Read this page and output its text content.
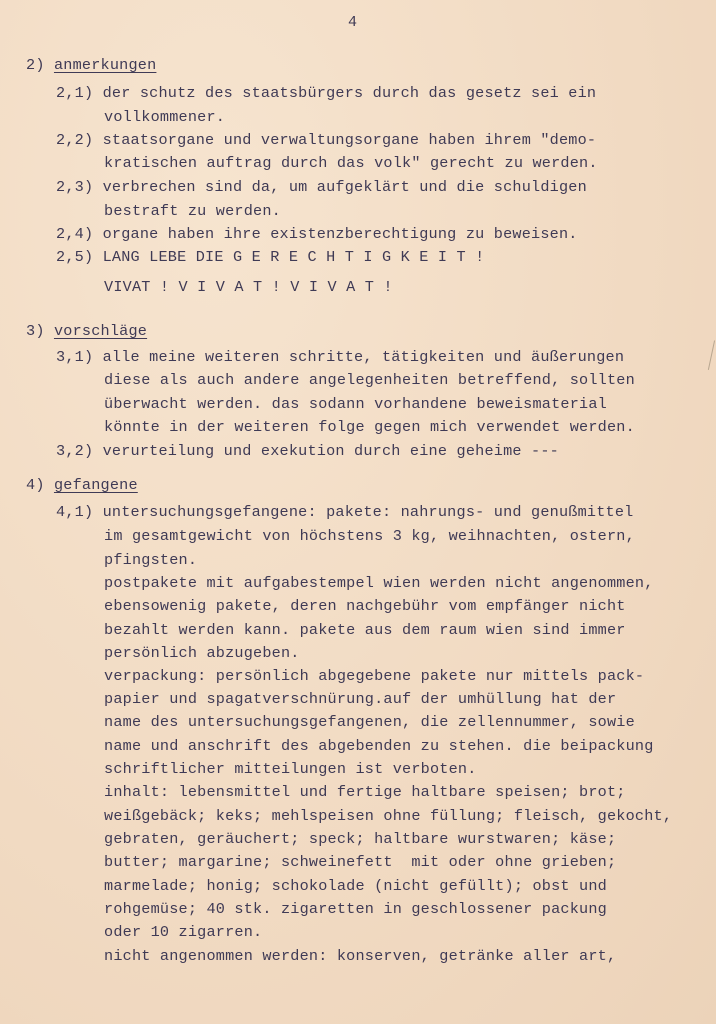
4
2) anmerkungen
2,1) der schutz des staatsbürgers durch das gesetz sei ein
vollkommener.
2,2) staatsorgane und verwaltungsorgane haben ihrem "demo-
kratischen auftrag durch das volk" gerecht zu werden.
2,3) verbrechen sind da, um aufgeklärt und die schuldigen
bestraft zu werden.
2,4) organe haben ihre existenzberechtigung zu beweisen.
2,5) LANG LEBE DIE G E R E C H T I G K E I T !
VIVAT ! V I V A T ! V I V A T !
3) vorschläge
3,1) alle meine weiteren schritte, tätigkeiten und äußerungen
diese als auch andere angelegenheiten betreffend, sollten
überwacht werden. das sodann vorhandene beweismaterial
könnte in der weiteren folge gegen mich verwendet werden.
3,2) verurteilung und exekution durch eine geheime ---
4) gefangene
4,1) untersuchungsgefangene: pakete: nahrungs- und genußmittel
im gesamtgewicht von höchstens 3 kg, weihnachten, ostern,
pfingsten.
postpakete mit aufgabestempel wien werden nicht angenommen,
ebensowenig pakete, deren nachgebühr vom empfänger nicht
bezahlt werden kann. pakete aus dem raum wien sind immer
persönlich abzugeben.
verpackung: persönlich abgegebene pakete nur mittels pack-
papier und spagatverschnürung.auf der umhüllung hat der
name des untersuchungsgefangenen, die zellennummer, sowie
name und anschrift des abgebenden zu stehen. die beipackung
schriftlicher mitteilungen ist verboten.
inhalt: lebensmittel und fertige haltbare speisen; brot;
weißgebäck; keks; mehlspeisen ohne füllung; fleisch, gekocht,
gebraten, geräuchert; speck; haltbare wurstwaren; käse;
butter; margarine; schweinefett  mit oder ohne grieben;
marmelade; honig; schokolade (nicht gefüllt); obst und
rohgemüse; 40 stk. zigaretten in geschlossener packung
oder 10 zigarren.
nicht angenommen werden: konserven, getränke aller art,
